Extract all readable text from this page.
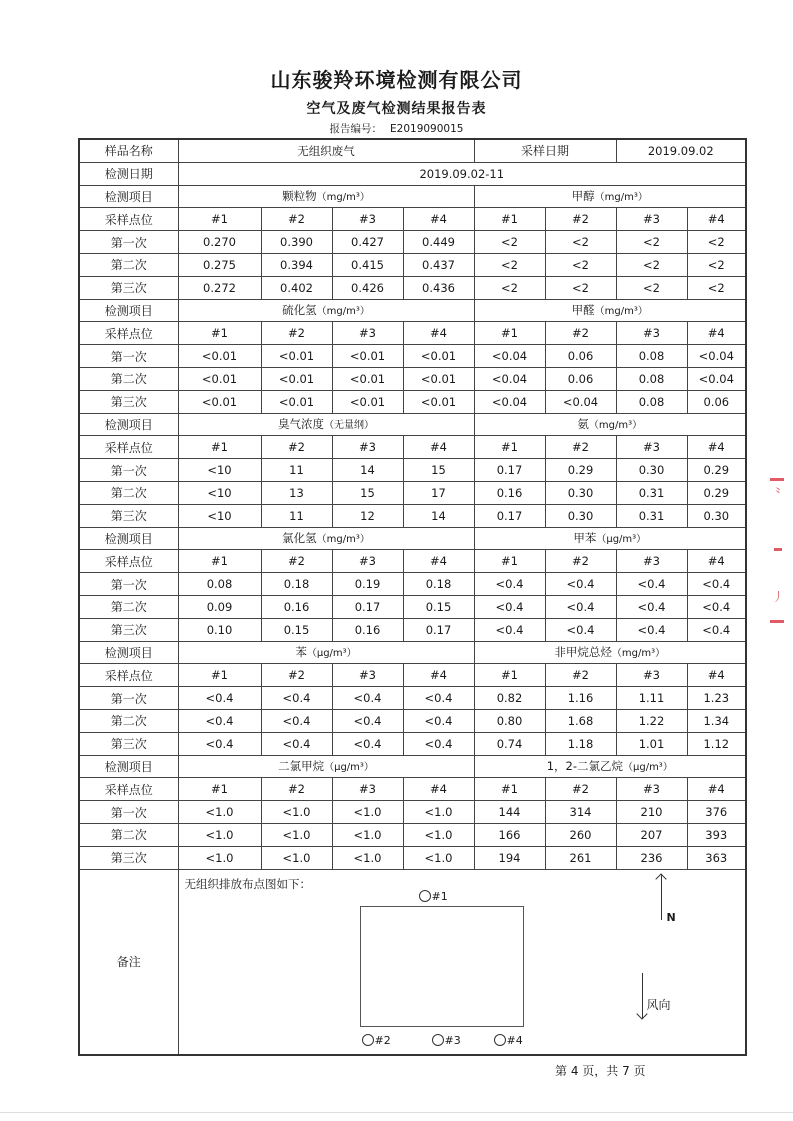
山东骏羚环境检测有限公司
空气及废气检测结果报告表
报告编号： E2019090015
样品名称	无组织废气				采样日期		2019.09.02	
检测日期	2019.09.02-11							
检测项目	颗粒物（mg/m³）				甲醇（mg/m³）			
采样点位	#1	#2	#3	#4	#1	#2	#3	#4
第一次	0.270	0.390	0.427	0.449	<2	<2	<2	<2
第二次	0.275	0.394	0.415	0.437	<2	<2	<2	<2
第三次	0.272	0.402	0.426	0.436	<2	<2	<2	<2
检测项目	硫化氢（mg/m³）				甲醛（mg/m³）			
采样点位	#1	#2	#3	#4	#1	#2	#3	#4
第一次	<0.01	<0.01	<0.01	<0.01	<0.04	0.06	0.08	<0.04
第二次	<0.01	<0.01	<0.01	<0.01	<0.04	0.06	0.08	<0.04
第三次	<0.01	<0.01	<0.01	<0.01	<0.04	<0.04	0.08	0.06
检测项目	臭气浓度（无量纲）				氨（mg/m³）			
采样点位	#1	#2	#3	#4	#1	#2	#3	#4
第一次	<10	11	14	15	0.17	0.29	0.30	0.29
第二次	<10	13	15	17	0.16	0.30	0.31	0.29
第三次	<10	11	12	14	0.17	0.30	0.31	0.30
检测项目	氯化氢（mg/m³）				甲苯（μg/m³）			
采样点位	#1	#2	#3	#4	#1	#2	#3	#4
第一次	0.08	0.18	0.19	0.18	<0.4	<0.4	<0.4	<0.4
第二次	0.09	0.16	0.17	0.15	<0.4	<0.4	<0.4	<0.4
第三次	0.10	0.15	0.16	0.17	<0.4	<0.4	<0.4	<0.4
检测项目	苯（μg/m³）				非甲烷总烃（mg/m³）			
采样点位	#1	#2	#3	#4	#1	#2	#3	#4
第一次	<0.4	<0.4	<0.4	<0.4	0.82	1.16	1.11	1.23
第二次	<0.4	<0.4	<0.4	<0.4	0.80	1.68	1.22	1.34
第三次	<0.4	<0.4	<0.4	<0.4	0.74	1.18	1.01	1.12
检测项目	二氯甲烷（μg/m³）				1，2-二氯乙烷（μg/m³）			
采样点位	#1	#2	#3	#4	#1	#2	#3	#4
第一次	<1.0	<1.0	<1.0	<1.0	144	314	210	376
第二次	<1.0	<1.0	<1.0	<1.0	166	260	207	393
第三次	<1.0	<1.0	<1.0	<1.0	194	261	236	363
备注	
无组织排放布点图如下：
#1
#2	#3	#4
N
风向
第 4 页，共 7 页
⺀
丿
